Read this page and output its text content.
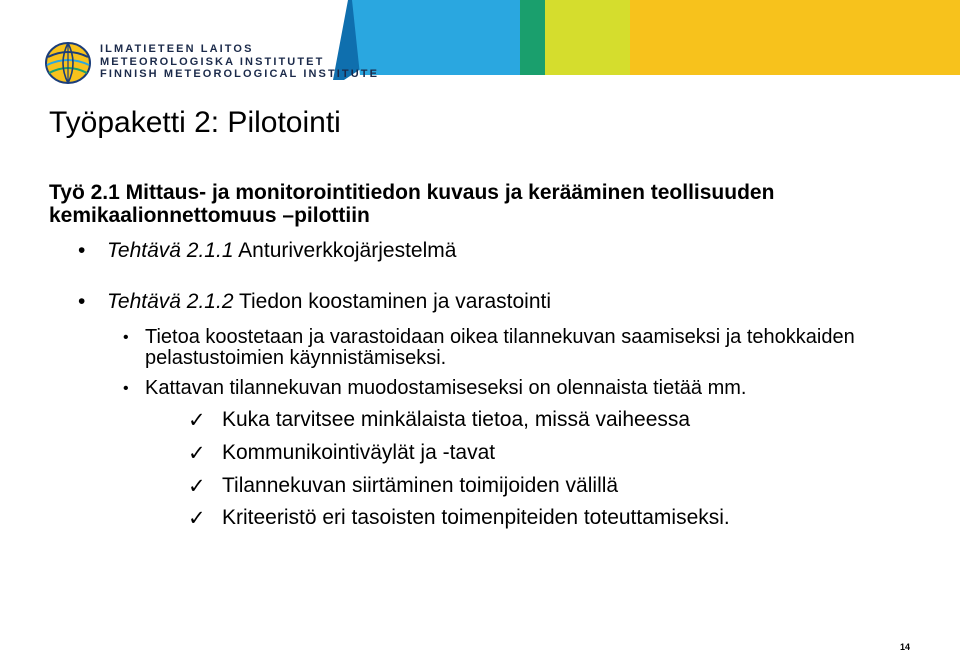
ILMATIETEEN LAITOS
METEOROLOGISKA INSTITUTET
FINNISH METEOROLOGICAL INSTITUTE
Työpaketti 2: Pilotointi
Työ 2.1 Mittaus- ja monitorointitiedon kuvaus ja kerääminen teollisuuden kemikaalionnettomuus –pilottiin
• Tehtävä 2.1.1 Anturiverkkojärjestelmä
• Tehtävä 2.1.2 Tiedon koostaminen ja varastointi
• Tietoa koostetaan ja varastoidaan oikea tilannekuvan saamiseksi ja tehokkaiden pelastustoimien käynnistämiseksi.
• Kattavan tilannekuvan muodostamiseseksi on olennaista tietää mm.
✓ Kuka tarvitsee minkälaista tietoa, missä vaiheessa
✓ Kommunikointiväylät ja -tavat
✓ Tilannekuvan siirtäminen toimijoiden välillä
✓ Kriteeristö eri tasoisten toimenpiteiden toteuttamiseksi.
14
